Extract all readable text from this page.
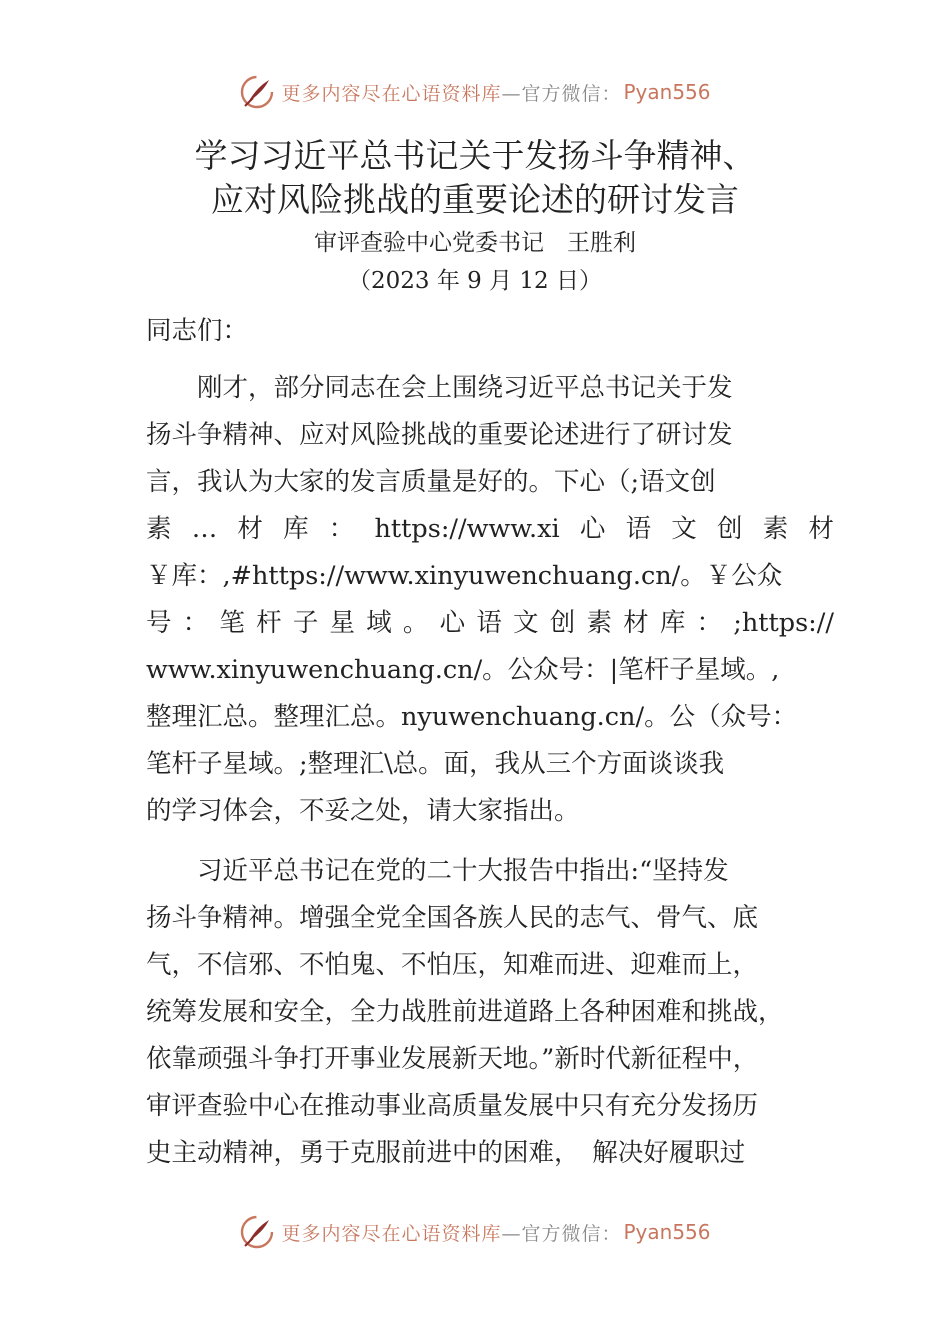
更多内容尽在心语资料库 —官方微信： Pyan556
学习习近平总书记关于发扬斗争精神、
应对风险挑战的重要论述的研讨发言
审评查验中心党委书记　王胜利
（2023 年 9 月 12 日）
同志们：
　　刚才，部分同志在会上围绕习近平总书记关于发
扬斗争精神、应对风险挑战的重要论述进行了研讨发
言，我认为大家的发言质量是好的。下心（;语文创
素 … 材 库 ： https://www.xi 心 语 文 创 素 材
￥库：,#https://www.xinyuwenchuang.cn/。￥公众
号 ： 笔 杆 子 星 域 。 心 语 文 创 素 材 库 ： ;https://
www.xinyuwenchuang.cn/。公众号：|笔杆子星域。,
整理汇总。整理汇总。nyuwenchuang.cn/。公（众号：
笔杆子星域。;整理汇\总。面，我从三个方面谈谈我
的学习体会，不妥之处，请大家指出。
　　习近平总书记在党的二十大报告中指出:“坚持发
扬斗争精神。增强全党全国各族人民的志气、骨气、底
气，不信邪、不怕鬼、不怕压，知难而进、迎难而上，
统筹发展和安全，全力战胜前进道路上各种困难和挑战，
依靠顽强斗争打开事业发展新天地。”新时代新征程中，
审评查验中心在推动事业高质量发展中只有充分发扬历
史主动精神，勇于克服前进中的困难，　解决好履职过
更多内容尽在心语资料库 —官方微信： Pyan556
